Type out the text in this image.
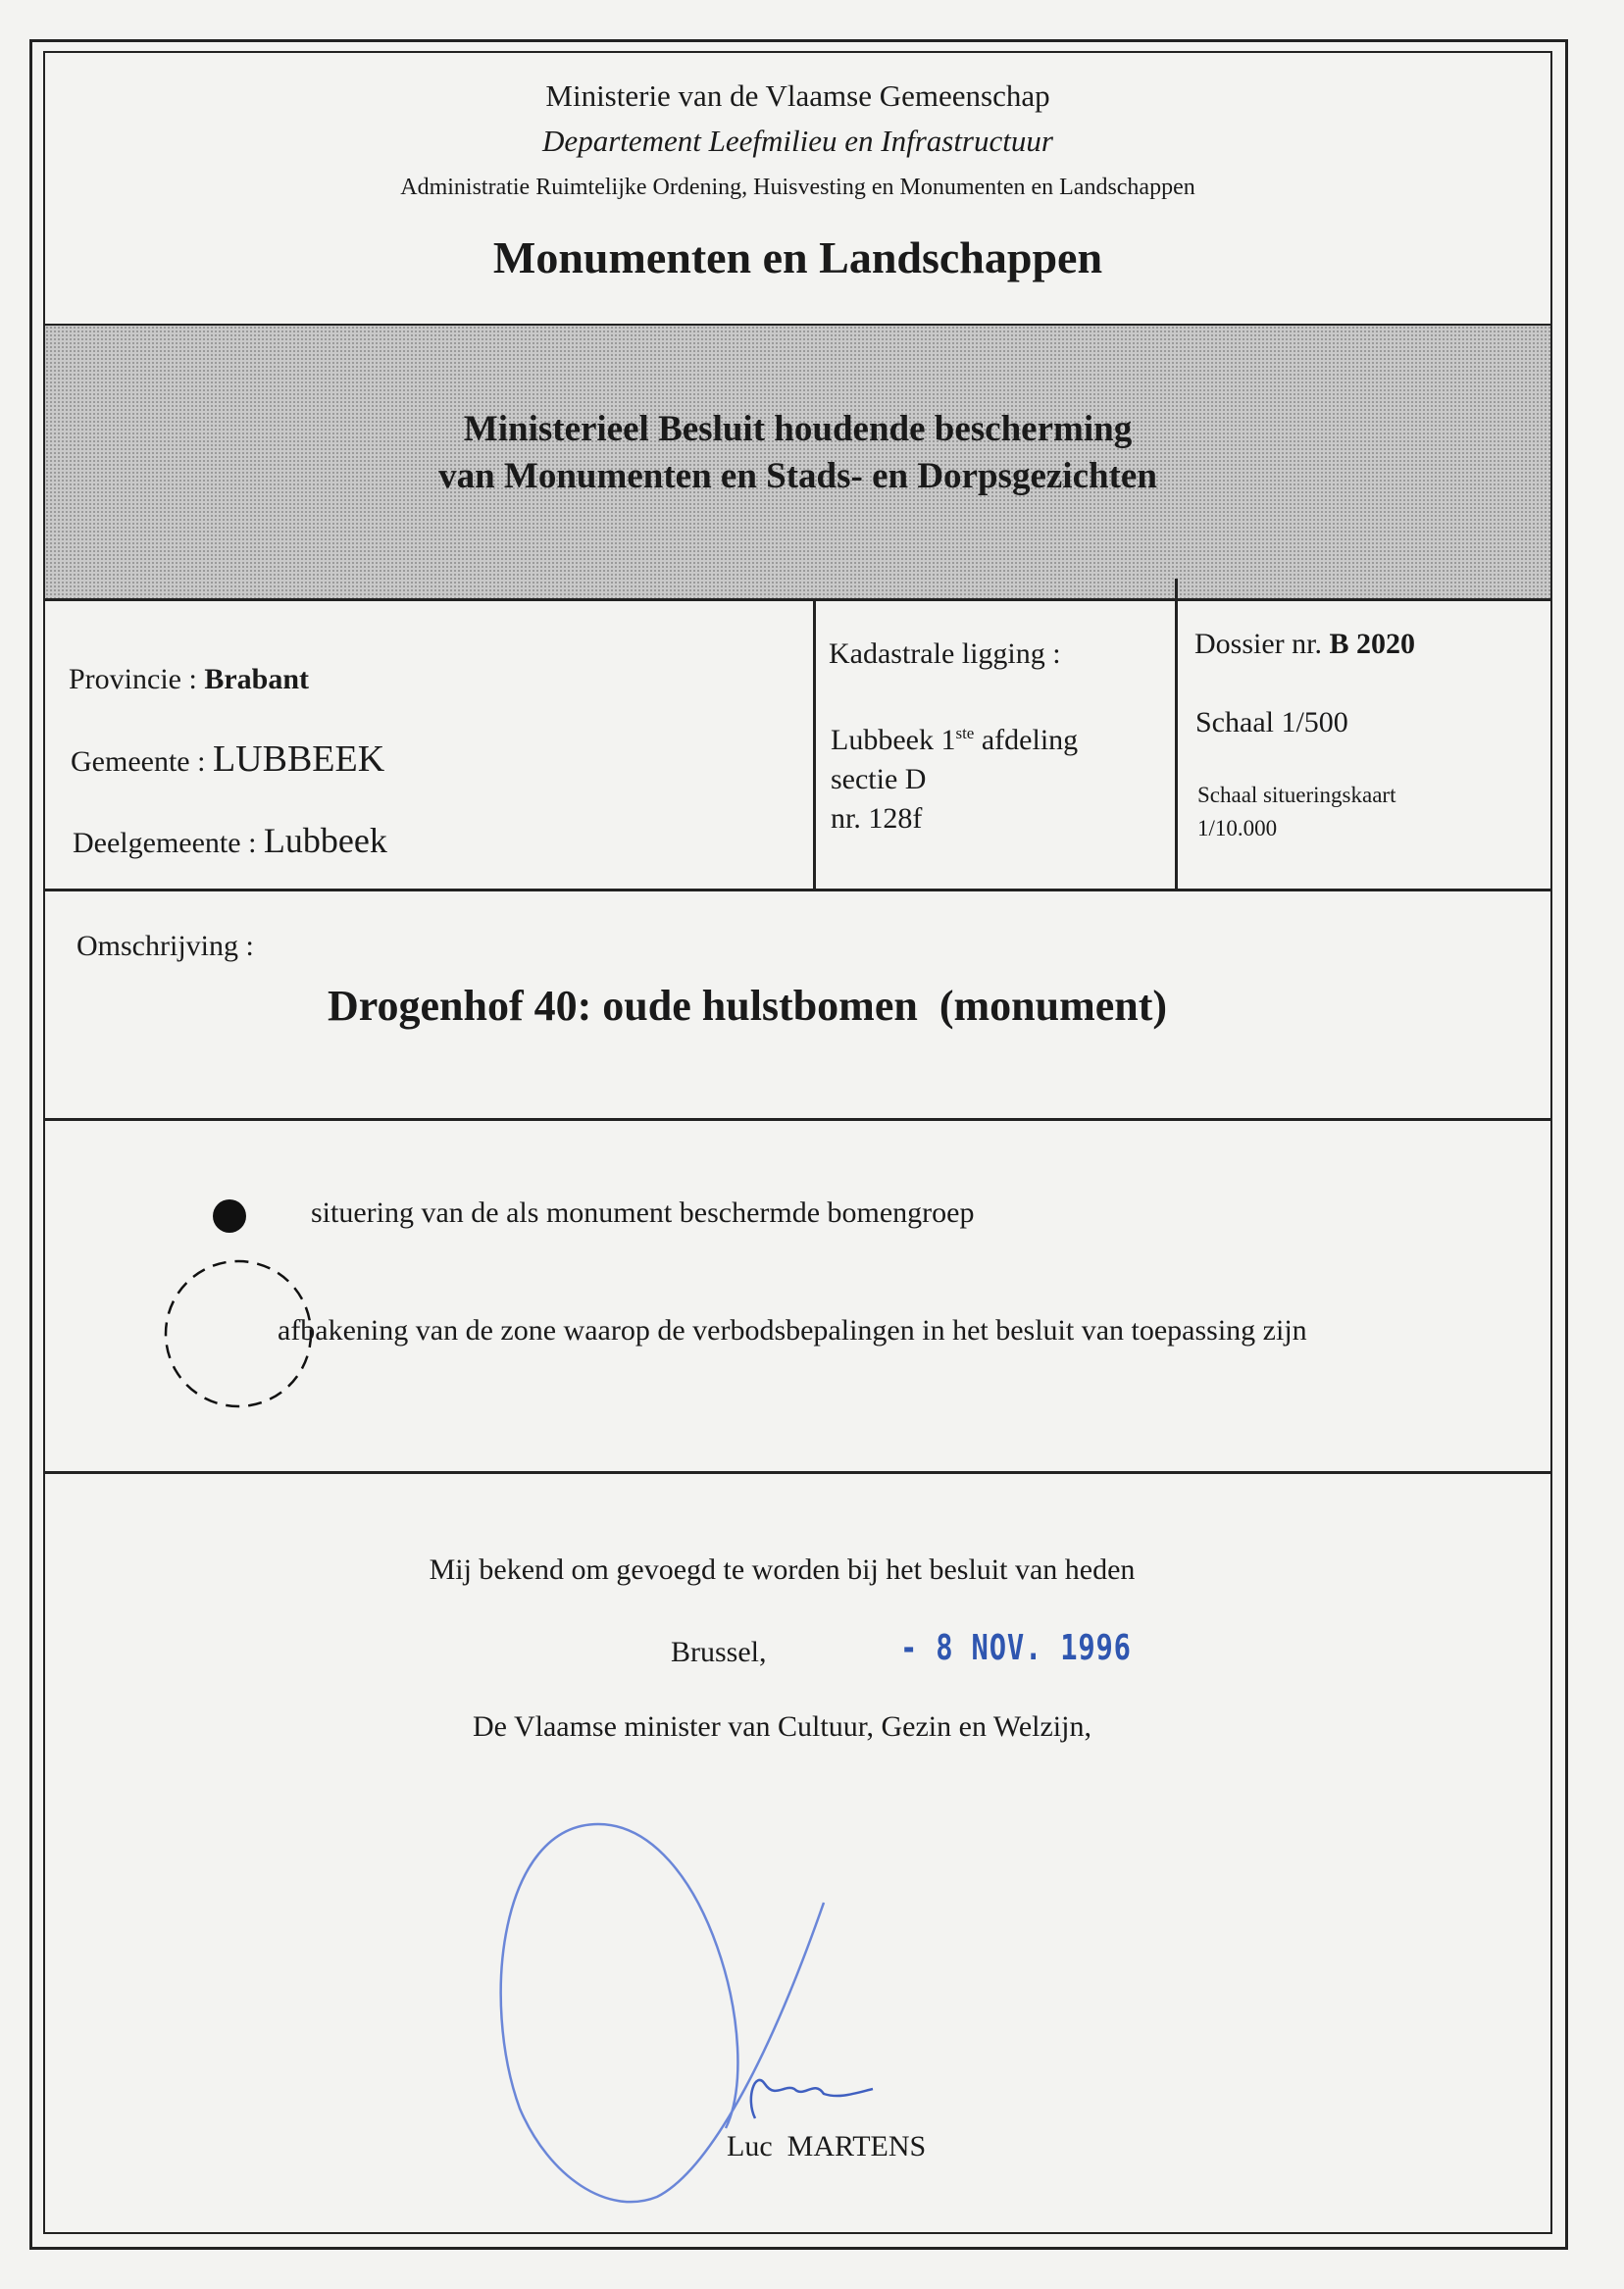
Ministerie van de Vlaamse Gemeenschap
Departement Leefmilieu en Infrastructuur
Administratie Ruimtelijke Ordening, Huisvesting en Monumenten en Landschappen
Monumenten en Landschappen
Ministerieel Besluit houdende bescherming
van Monumenten en Stads- en Dorpsgezichten
Provincie : Brabant
Gemeente : LUBBEEK
Deelgemeente : Lubbeek
Kadastrale ligging :
Lubbeek 1ste afdeling
sectie D
nr. 128f
Dossier nr. B 2020
Schaal 1/500
Schaal situeringskaart
1/10.000
Omschrijving :
Drogenhof 40: oude hulstbomen  (monument)
situering van de als monument beschermde bomengroep
afbakening van de zone waarop de verbodsbepalingen in het besluit van toepassing zijn
Mij bekend om gevoegd te worden bij het besluit van heden
Brussel,	- 8 NOV. 1996
De Vlaamse minister van Cultuur, Gezin en Welzijn,
Luc  MARTENS
